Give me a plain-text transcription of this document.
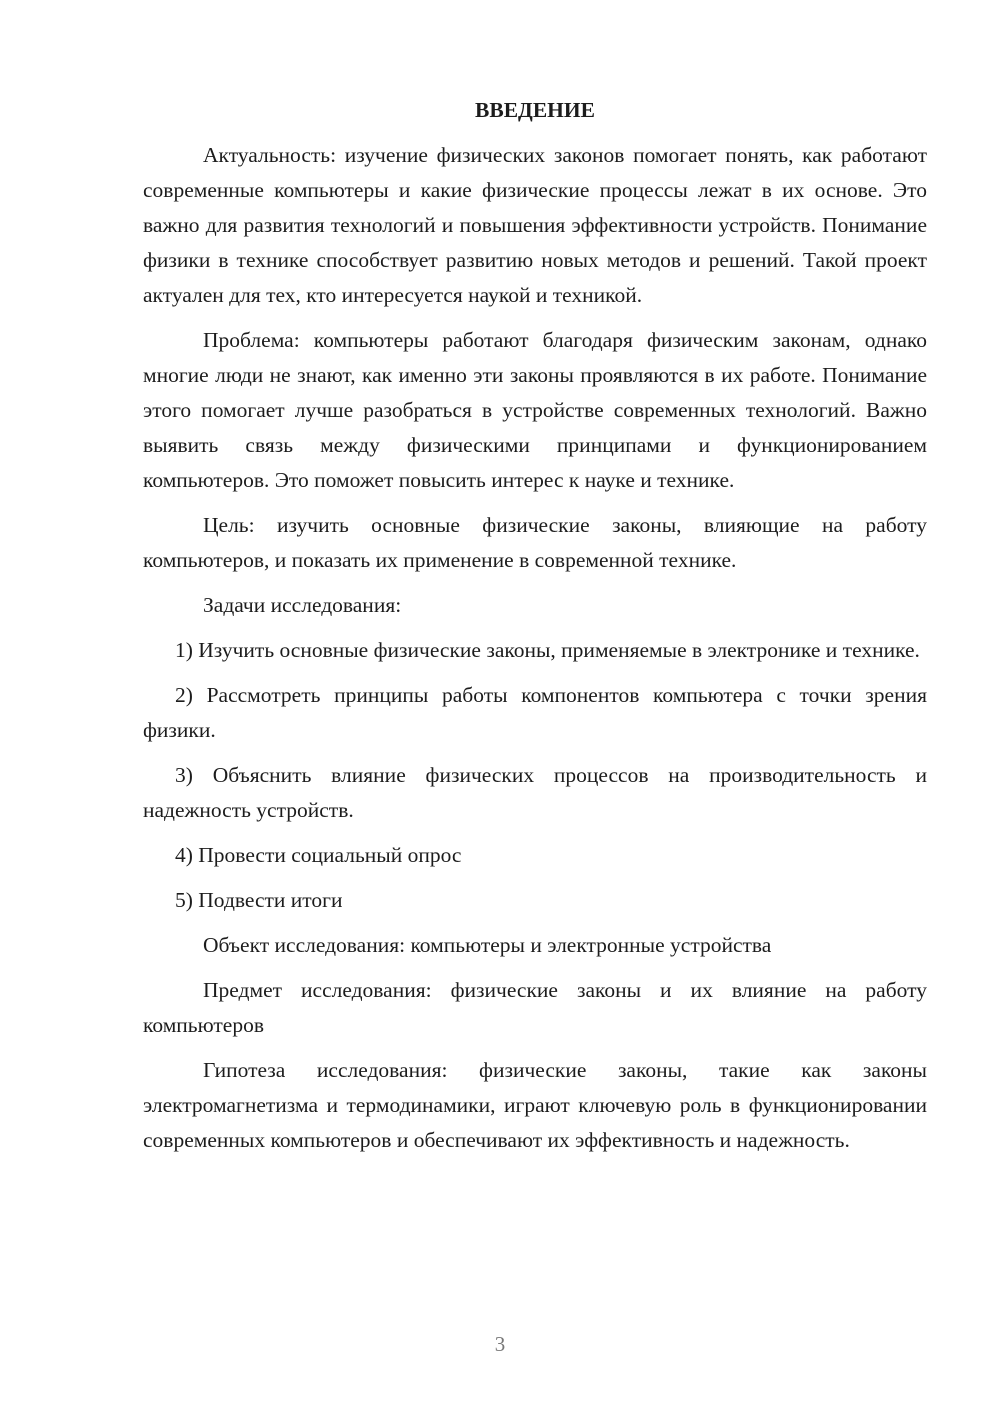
ВВЕДЕНИЕ

Актуальность: изучение физических законов помогает понять, как работают современные компьютеры и какие физические процессы лежат в их основе. Это важно для развития технологий и повышения эффективности устройств. Понимание физики в технике способствует развитию новых методов и решений. Такой проект актуален для тех, кто интересуется наукой и техникой.

Проблема: компьютеры работают благодаря физическим законам, однако многие люди не знают, как именно эти законы проявляются в их работе. Понимание этого помогает лучше разобраться в устройстве современных технологий. Важно выявить связь между физическими принципами и функционированием компьютеров. Это поможет повысить интерес к науке и технике.

Цель: изучить основные физические законы, влияющие на работу компьютеров, и показать их применение в современной технике.

Задачи исследования:

1) Изучить основные физические законы, применяемые в электронике и технике.

2) Рассмотреть принципы работы компонентов компьютера с точки зрения физики.

3) Объяснить влияние физических процессов на производительность и надежность устройств.

4) Провести социальный опрос

5) Подвести итоги

Объект исследования: компьютеры и электронные устройства

Предмет исследования: физические законы и их влияние на работу компьютеров

Гипотеза исследования: физические законы, такие как законы электромагнетизма и термодинамики, играют ключевую роль в функционировании современных компьютеров и обеспечивают их эффективность и надежность.

3
